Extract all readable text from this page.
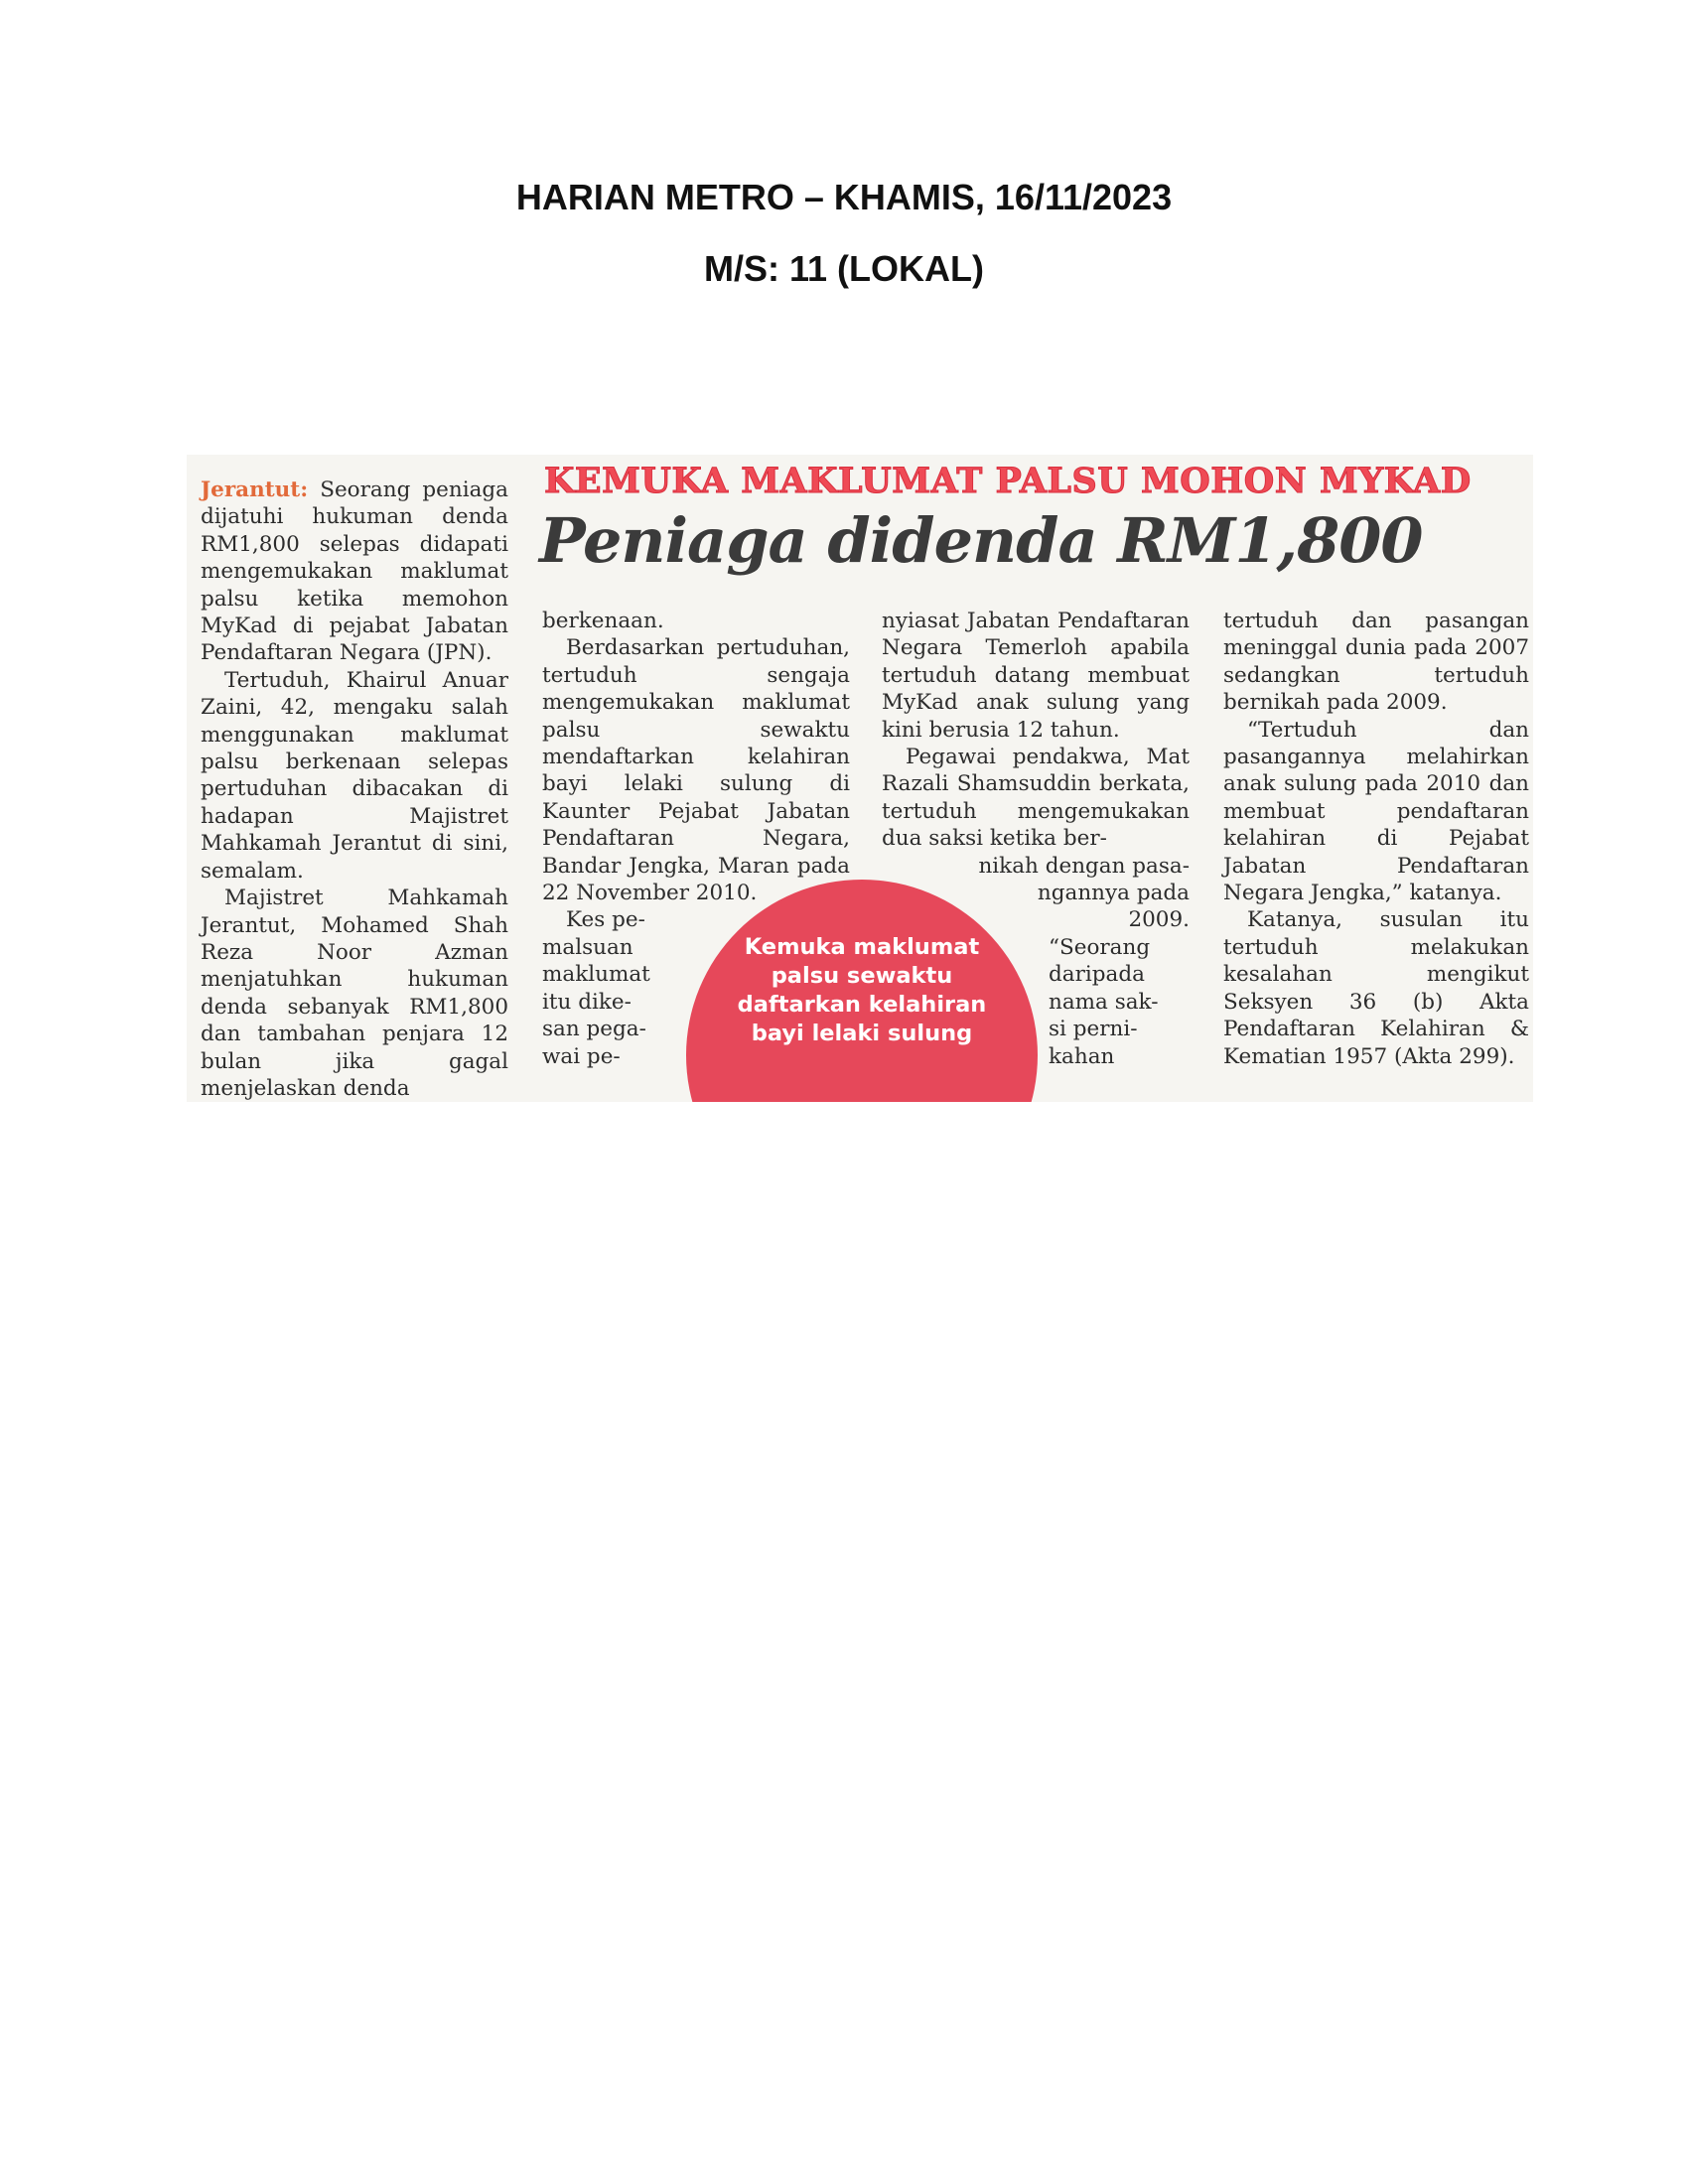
HARIAN METRO – KHAMIS, 16/11/2023
M/S: 11 (LOKAL)
KEMUKA MAKLUMAT PALSU MOHON MYKAD
Peniaga didenda RM1,800

Jerantut: Seorang peniaga dijatuhi hukuman denda RM1,800 selepas didapati mengemukakan maklumat palsu ketika memohon MyKad di pejabat Jabatan Pendaftaran Negara (JPN).

Tertuduh, Khairul Anuar Zaini, 42, mengaku salah menggunakan maklumat palsu berkenaan selepas pertuduhan dibacakan di hadapan Majistret Mahkamah Jerantut di sini, semalam.

Majistret Mahkamah Jerantut, Mohamed Shah Reza Noor Azman menjatuhkan hukuman denda sebanyak RM1,800 dan tambahan penjara 12 bulan jika gagal menjelaskan denda

berkenaan.

Berdasarkan pertuduhan, tertuduh sengaja mengemukakan maklumat palsu sewaktu mendaftarkan kelahiran bayi lelaki sulung di Kaunter Pejabat Jabatan Pendaftaran Negara, Bandar Jengka, Maran pada 22 November 2010.

Kes pe-
malsuan
maklumat
itu dike-
san pega-
wai pe-

nyiasat Jabatan Pendaftaran Negara Temerloh apabila tertuduh datang membuat MyKad anak sulung yang kini berusia 12 tahun.

Pegawai pendakwa, Mat Razali Shamsuddin berkata, tertuduh mengemukakan dua saksi ketika ber-

nikah dengan pasa-
ngannya pada
2009.

“Seorang
daripada
nama sak-
si perni-
kahan

tertuduh dan pasangan meninggal dunia pada 2007 sedangkan tertuduh bernikah pada 2009.

“Tertuduh dan pasangannya melahirkan anak sulung pada 2010 dan membuat pendaftaran kelahiran di Pejabat Jabatan Pendaftaran Negara Jengka,” katanya.

Katanya, susulan itu tertuduh melakukan kesalahan mengikut Seksyen 36 (b) Akta Pendaftaran Kelahiran & Kematian 1957 (Akta 299).

Kemuka maklumat
palsu sewaktu
daftarkan kelahiran
bayi lelaki sulung
